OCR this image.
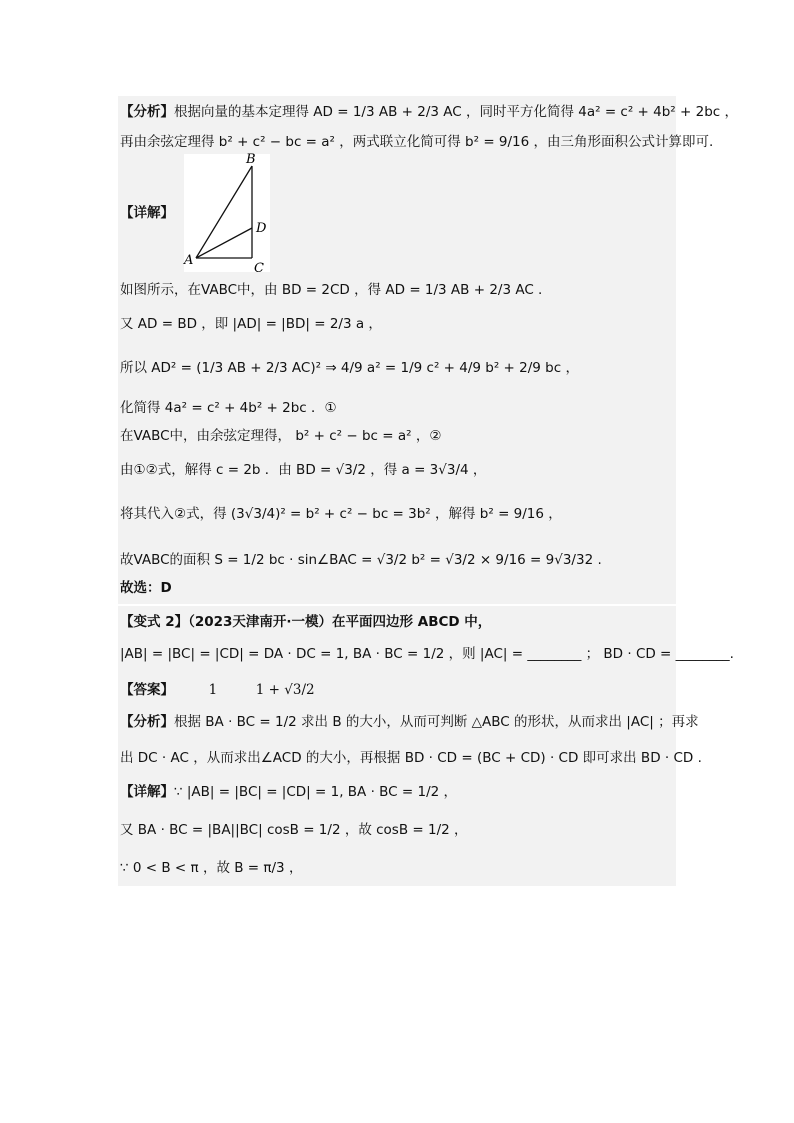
【分析】根据向量的基本定理得 AD = 1/3 AB + 2/3 AC ，同时平方化简得 4a² = c² + 4b² + 2bc ，
再由余弦定理得 b² + c² − bc = a² ，两式联立化简可得 b² = 9/16 ，由三角形面积公式计算即可.
【详解】
A
B
C
D
如图所示，在VABC中，由 BD = 2CD ，得 AD = 1/3 AB + 2/3 AC .
又 AD = BD ，即 |AD| = |BD| = 2/3 a ，
所以 AD² = (1/3 AB + 2/3 AC)² ⇒ 4/9 a² = 1/9 c² + 4/9 b² + 2/9 bc ，
化简得 4a² = c² + 4b² + 2bc ．①
在VABC中，由余弦定理得， b² + c² − bc = a² ，②
由①②式，解得 c = 2b ．由 BD = √3/2 ，得 a = 3√3/4 ，
将其代入②式，得 (3√3/4)² = b² + c² − bc = 3b² ，解得 b² = 9/16 ，
故VABC的面积 S = 1/2 bc · sin∠BAC = √3/2 b² = √3/2 × 9/16 = 9√3/32 .
故选：D
【变式 2】（2023天津南开·一模）在平面四边形 ABCD 中，
|AB| = |BC| = |CD| = DA · DC = 1, BA · BC = 1/2 ，则 |AC| = ________ ； BD · CD = ________.
【答案】	1	1 + √3/2
【分析】根据 BA · BC = 1/2 求出 B 的大小，从而可判断 △ABC 的形状，从而求出 |AC| ；再求
出 DC · AC ，从而求出∠ACD 的大小，再根据 BD · CD = (BC + CD) · CD 即可求出 BD · CD .
【详解】∵ |AB| = |BC| = |CD| = 1, BA · BC = 1/2 ，
又 BA · BC = |BA||BC| cosB = 1/2 ，故 cosB = 1/2 ，
∵ 0 < B < π ，故 B = π/3 ，
